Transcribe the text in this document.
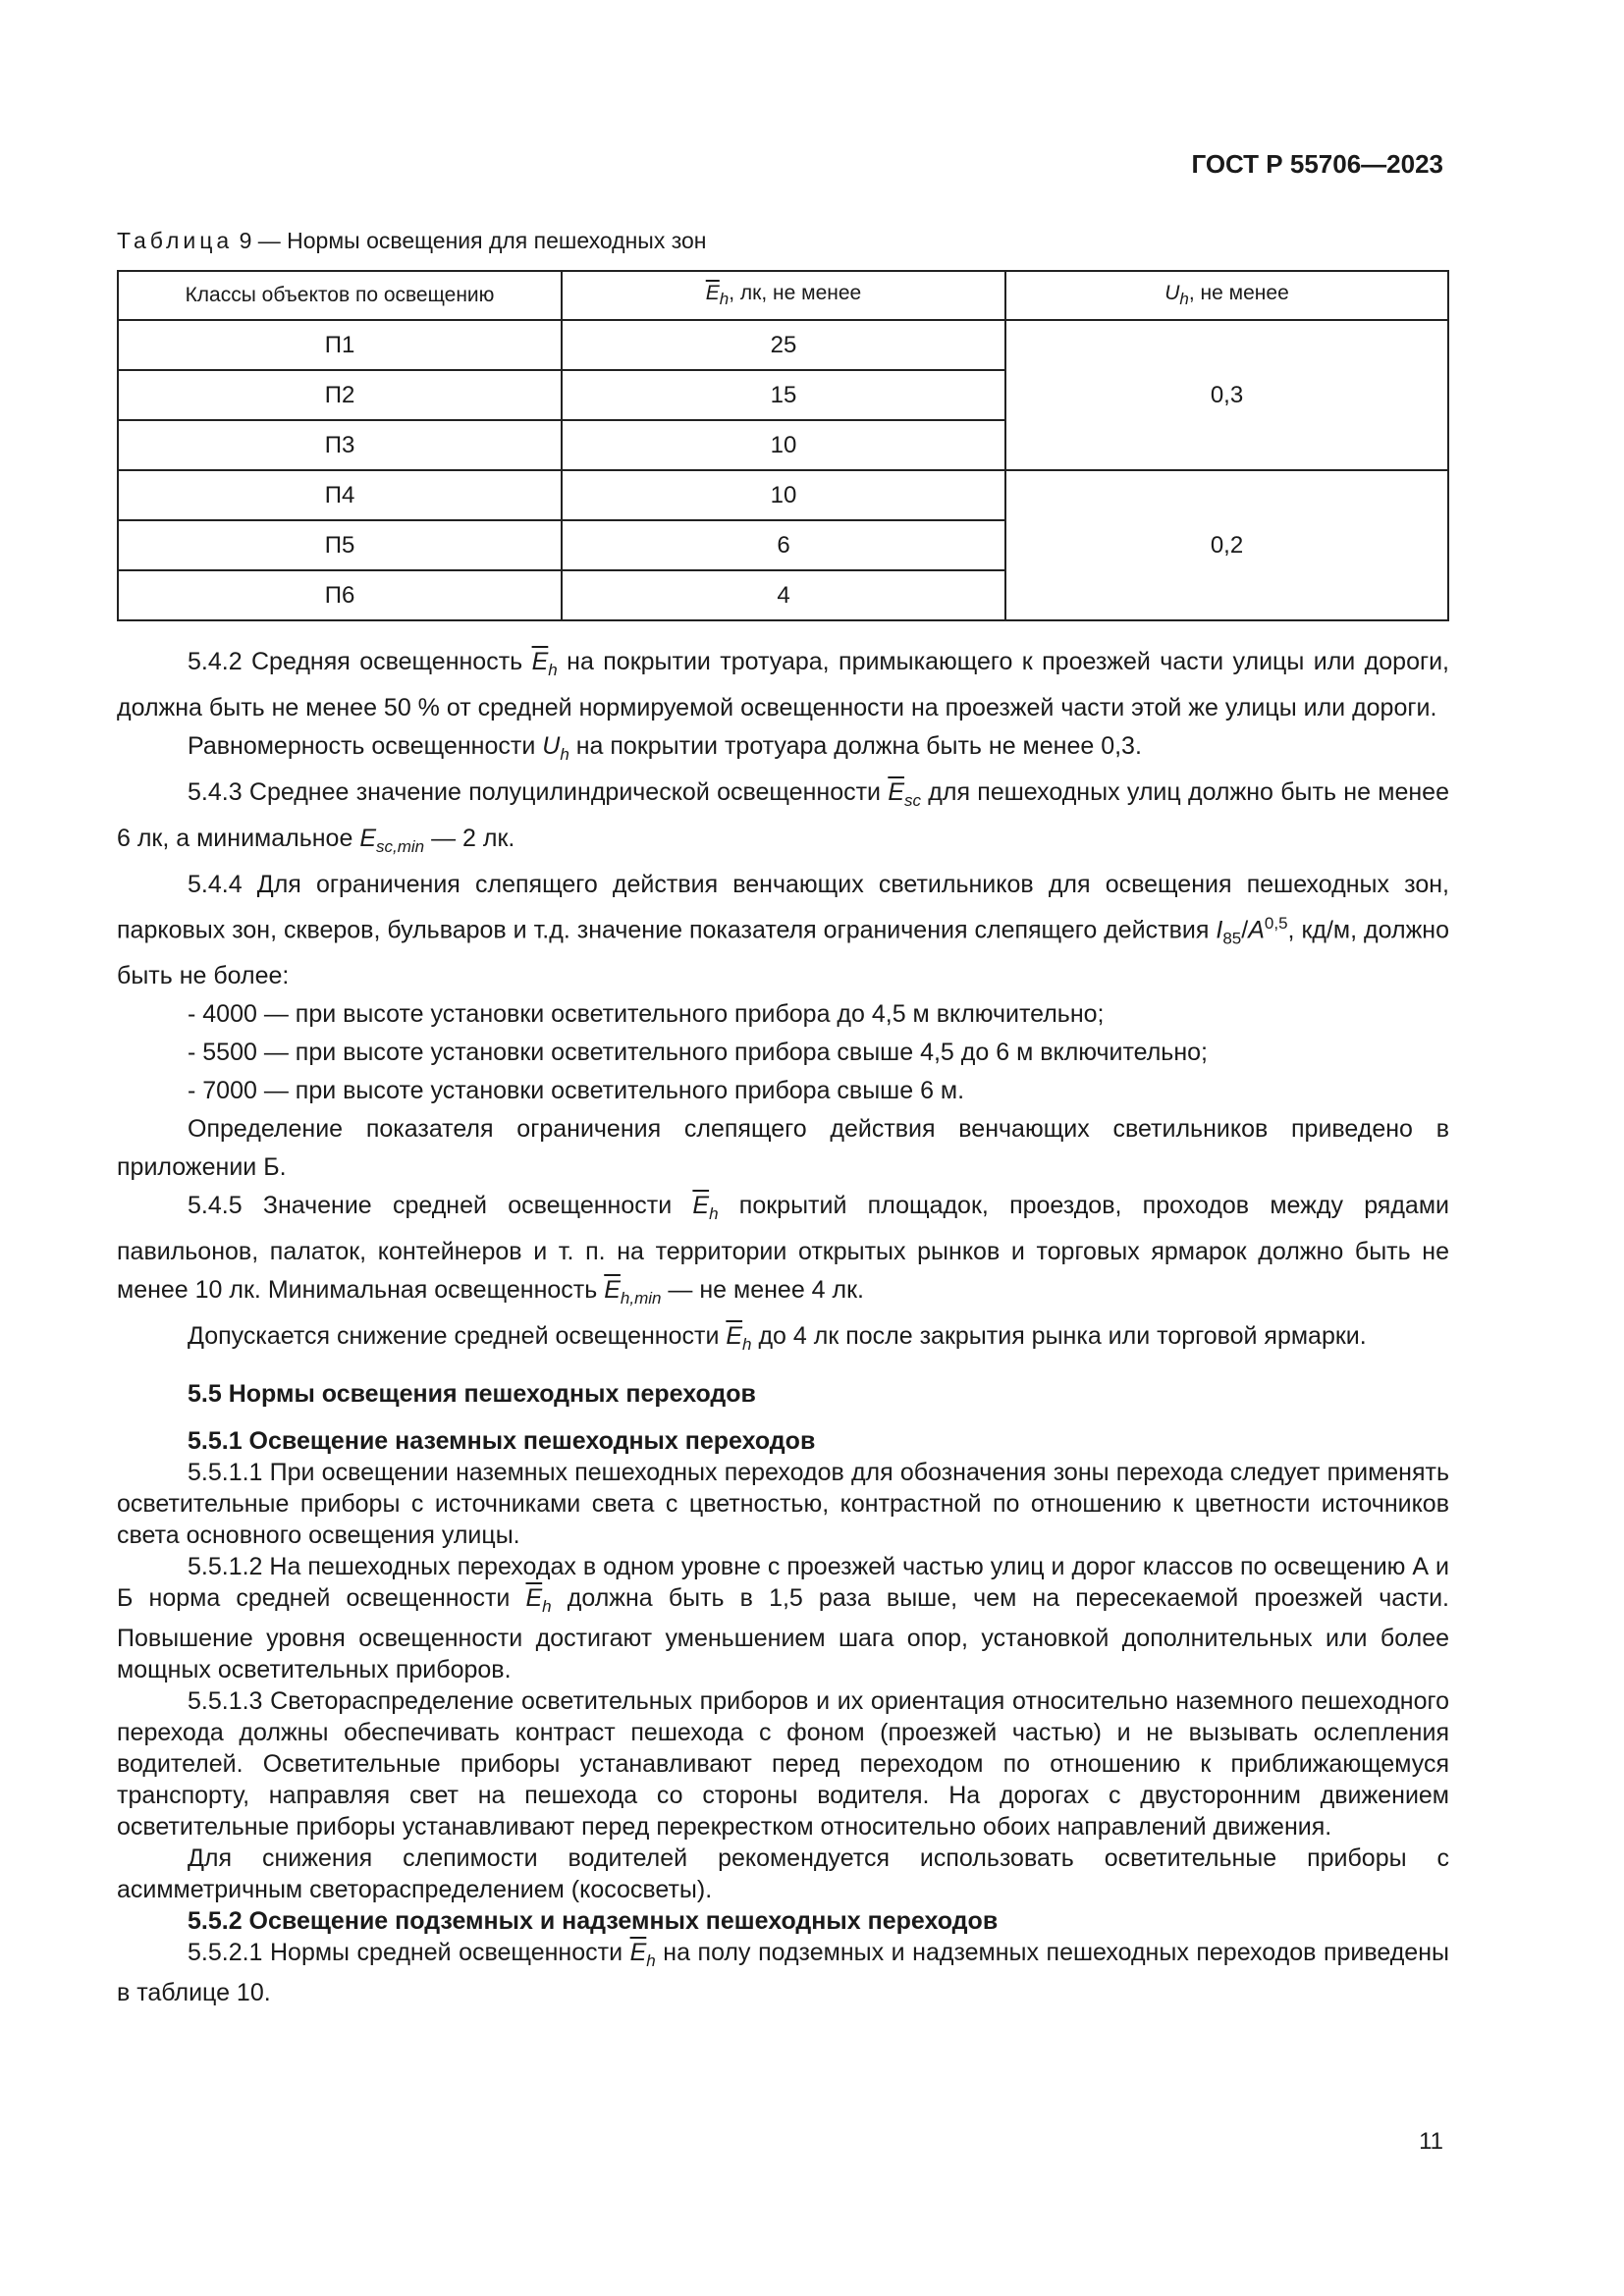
ГОСТ Р 55706—2023
Таблица 9 — Нормы освещения для пешеходных зон
Классы объектов по освещению	$\overline{E}_h$, лк, не менее	$U_h$, не менее
П1	25	0,3
П2	15	
П3	10	
П4	10	0,2
П5	6	
П6	4	

5.4.2 Средняя освещенность $\overline{E}_h$ на покрытии тротуара, примыкающего к проезжей части улицы или дороги, должна быть не менее 50 % от средней нормируемой освещенности на проезжей части этой же улицы или дороги.

Равномерность освещенности $U_h$ на покрытии тротуара должна быть не менее 0,3.

5.4.3 Среднее значение полуцилиндрической освещенности $\overline{E}_{sc}$ для пешеходных улиц должно быть не менее 6 лк, а минимальное $E_{sc,min}$ — 2 лк.

5.4.4 Для ограничения слепящего действия венчающих светильников для освещения пешеходных зон, парковых зон, скверов, бульваров и т.д. значение показателя ограничения слепящего действия $I_{85}/A^{0,5}$, кд/м, должно быть не более:

- 4000 — при высоте установки осветительного прибора до 4,5 м включительно;

- 5500 — при высоте установки осветительного прибора свыше 4,5 до 6 м включительно;

- 7000 — при высоте установки осветительного прибора свыше 6 м.

Определение показателя ограничения слепящего действия венчающих светильников приведено в приложении Б.

5.4.5 Значение средней освещенности $\overline{E}_h$ покрытий площадок, проездов, проходов между рядами павильонов, палаток, контейнеров и т. п. на территории открытых рынков и торговых ярмарок должно быть не менее 10 лк. Минимальная освещенность $\overline{E}_{h,min}$ — не менее 4 лк.

Допускается снижение средней освещенности $\overline{E}_h$ до 4 лк после закрытия рынка или торговой ярмарки.

5.5 Нормы освещения пешеходных переходов

5.5.1 Освещение наземных пешеходных переходов

5.5.1.1 При освещении наземных пешеходных переходов для обозначения зоны перехода следует применять осветительные приборы с источниками света с цветностью, контрастной по отношению к цветности источников света основного освещения улицы.

5.5.1.2 На пешеходных переходах в одном уровне с проезжей частью улиц и дорог классов по освещению А и Б норма средней освещенности $\overline{E}_h$ должна быть в 1,5 раза выше, чем на пересекаемой проезжей части. Повышение уровня освещенности достигают уменьшением шага опор, установкой дополнительных или более мощных осветительных приборов.

5.5.1.3 Светораспределение осветительных приборов и их ориентация относительно наземного пешеходного перехода должны обеспечивать контраст пешехода с фоном (проезжей частью) и не вызывать ослепления водителей. Осветительные приборы устанавливают перед переходом по отношению к приближающемуся транспорту, направляя свет на пешехода со стороны водителя. На дорогах с двусторонним движением осветительные приборы устанавливают перед перекрестком относительно обоих направлений движения.

Для снижения слепимости водителей рекомендуется использовать осветительные приборы с асимметричным светораспределением (кососветы).

5.5.2 Освещение подземных и надземных пешеходных переходов

5.5.2.1 Нормы средней освещенности $\overline{E}_h$ на полу подземных и надземных пешеходных переходов приведены в таблице 10.

11
